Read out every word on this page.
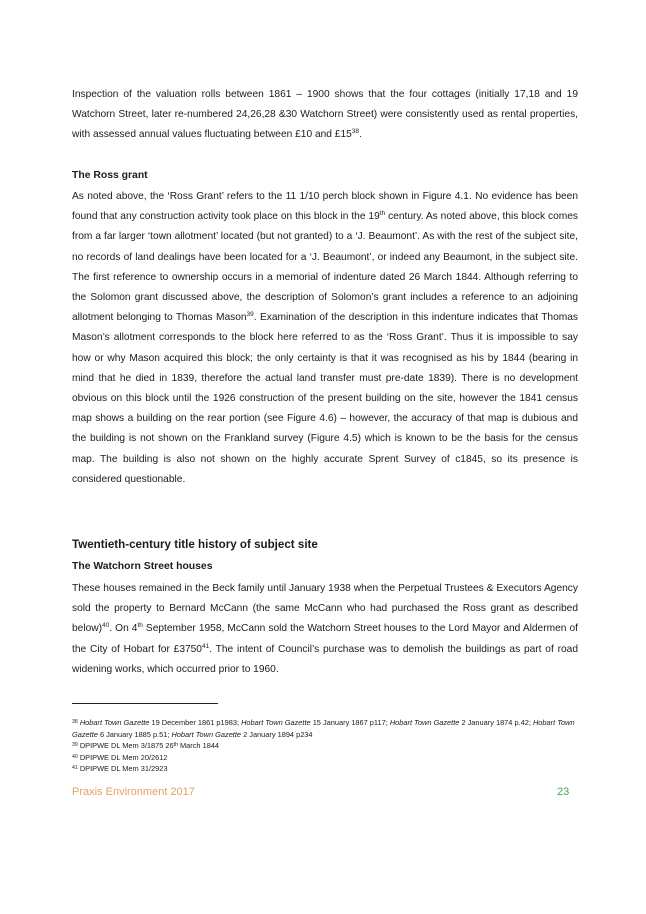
Inspection of the valuation rolls between 1861 – 1900 shows that the four cottages (initially 17,18 and 19 Watchorn Street, later re-numbered 24,26,28 &30 Watchorn Street) were consistently used as rental properties, with assessed annual values fluctuating between £10 and $£15^{38}$.

The Ross grant

As noted above, the ‘Ross Grant’ refers to the 11 1/10 perch block shown in Figure 4.1. No evidence has been found that any construction activity took place on this block in the 19th century. As noted above, this block comes from a far larger ‘town allotment’ located (but not granted) to a ‘J. Beaumont’. As with the rest of the subject site, no records of land dealings have been located for a ‘J. Beaumont’, or indeed any Beaumont, in the subject site. The first reference to ownership occurs in a memorial of indenture dated 26 March 1844. Although referring to the Solomon grant discussed above, the description of Solomon’s grant includes a reference to an adjoining allotment belonging to Thomas Mason$^{39}$. Examination of the description in this indenture indicates that Thomas Mason’s allotment corresponds to the block here referred to as the ‘Ross Grant’. Thus it is impossible to say how or why Mason acquired this block; the only certainty is that it was recognised as his by 1844 (bearing in mind that he died in 1839, therefore the actual land transfer must pre-date 1839). There is no development obvious on this block until the 1926 construction of the present building on the site, however the 1841 census map shows a building on the rear portion (see Figure 4.6) – however, the accuracy of that map is dubious and the building is not shown on the Frankland survey (Figure 4.5) which is known to be the basis for the census map. The building is also not shown on the highly accurate Sprent Survey of c1845, so its presence is considered questionable.

Twentieth-century title history of subject site
The Watchorn Street houses

These houses remained in the Beck family until January 1938 when the Perpetual Trustees & Executors Agency sold the property to Bernard McCann (the same McCann who had purchased the Ross grant as described below)$^{40}$. On 4th September 1958, McCann sold the Watchorn Street houses to the Lord Mayor and Aldermen of the City of Hobart for £3750$^{41}$. The intent of Council’s purchase was to demolish the buildings as part of road widening works, which occurred prior to 1960.

$^{38}$ Hobart Town Gazette 19 December 1861 p1983; Hobart Town Gazette 15 January 1867 p117; Hobart Town Gazette 2 January 1874 p.42; Hobart Town Gazette 6 January 1885 p.51; Hobart Town Gazette 2 January 1894 p234
$^{39}$ DPIPWE DL Mem 3/1875 26th March 1844
$^{40}$ DPIPWE DL Mem 20/2612
$^{41}$ DPIPWE DL Mem 31/2923
Praxis Environment 2017	23
